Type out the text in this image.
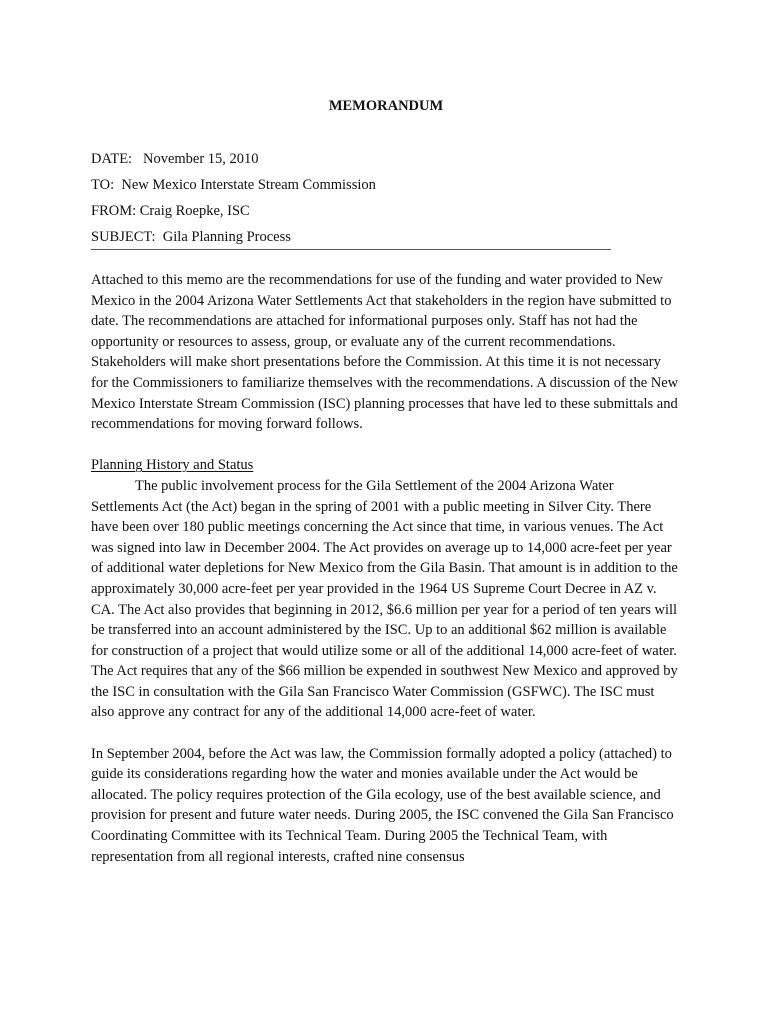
MEMORANDUM
DATE: November 15, 2010
TO: New Mexico Interstate Stream Commission
FROM: Craig Roepke, ISC
SUBJECT: Gila Planning Process

Attached to this memo are the recommendations for use of the funding and water provided to New Mexico in the 2004 Arizona Water Settlements Act that stakeholders in the region have submitted to date. The recommendations are attached for informational purposes only. Staff has not had the opportunity or resources to assess, group, or evaluate any of the current recommendations. Stakeholders will make short presentations before the Commission. At this time it is not necessary for the Commissioners to familiarize themselves with the recommendations. A discussion of the New Mexico Interstate Stream Commission (ISC) planning processes that have led to these submittals and recommendations for moving forward follows.

Planning History and Status

The public involvement process for the Gila Settlement of the 2004 Arizona Water Settlements Act (the Act) began in the spring of 2001 with a public meeting in Silver City. There have been over 180 public meetings concerning the Act since that time, in various venues. The Act was signed into law in December 2004. The Act provides on average up to 14,000 acre-feet per year of additional water depletions for New Mexico from the Gila Basin. That amount is in addition to the approximately 30,000 acre-feet per year provided in the 1964 US Supreme Court Decree in AZ v. CA. The Act also provides that beginning in 2012, $6.6 million per year for a period of ten years will be transferred into an account administered by the ISC. Up to an additional $62 million is available for construction of a project that would utilize some or all of the additional 14,000 acre-feet of water. The Act requires that any of the $66 million be expended in southwest New Mexico and approved by the ISC in consultation with the Gila San Francisco Water Commission (GSFWC). The ISC must also approve any contract for any of the additional 14,000 acre-feet of water.

In September 2004, before the Act was law, the Commission formally adopted a policy (attached) to guide its considerations regarding how the water and monies available under the Act would be allocated. The policy requires protection of the Gila ecology, use of the best available science, and provision for present and future water needs. During 2005, the ISC convened the Gila San Francisco Coordinating Committee with its Technical Team. During 2005 the Technical Team, with representation from all regional interests, crafted nine consensus
